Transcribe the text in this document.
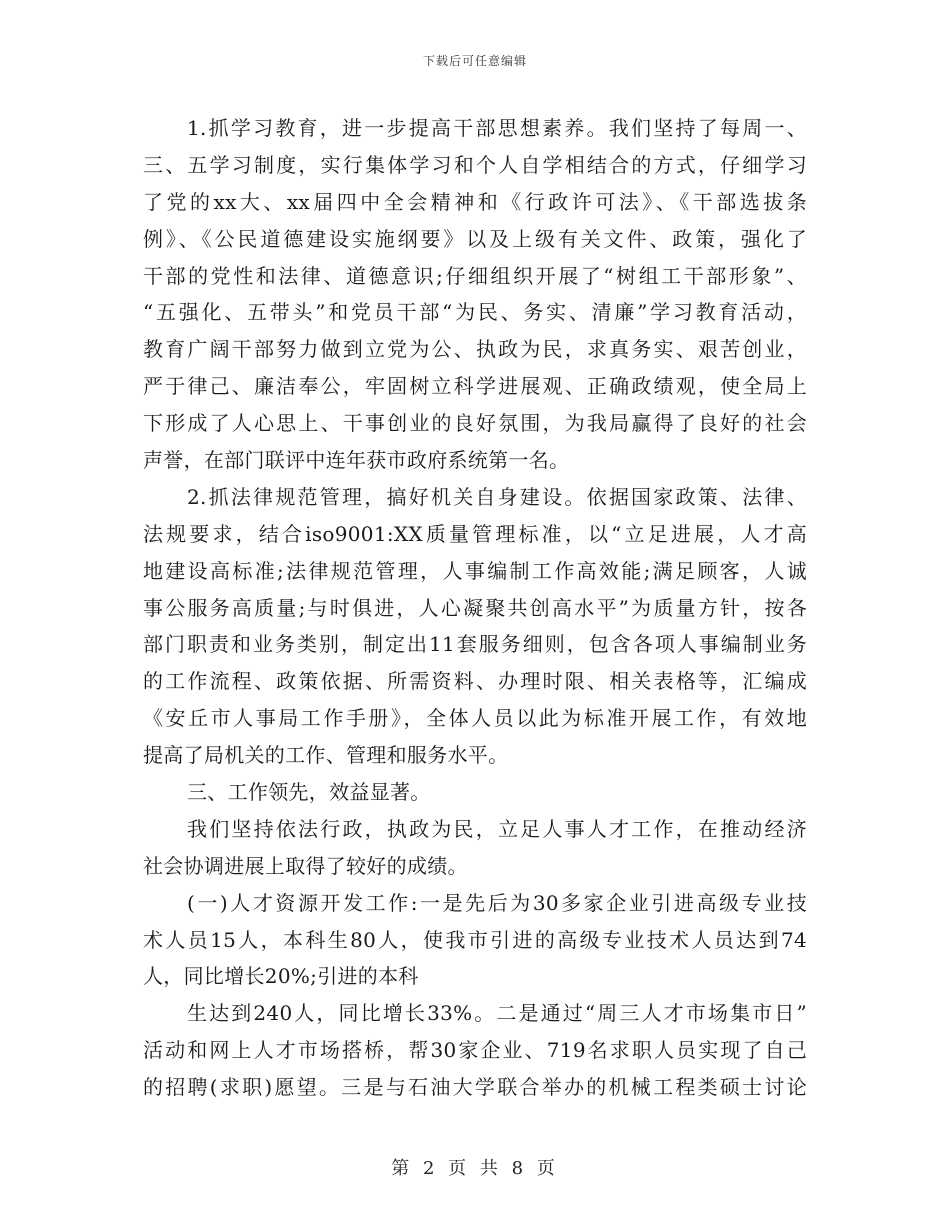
下载后可任意编辑
1.抓学习教育，进一步提高干部思想素养。我们坚持了每周一、
三、五学习制度，实行集体学习和个人自学相结合的方式，仔细学习
了党的xx大、xx届四中全会精神和《行政许可法》、《干部选拔条
例》、《公民道德建设实施纲要》以及上级有关文件、政策，强化了
干部的党性和法律、道德意识;仔细组织开展了“树组工干部形象”、
“五强化、五带头”和党员干部“为民、务实、清廉”学习教育活动，
教育广阔干部努力做到立党为公、执政为民，求真务实、艰苦创业，
严于律己、廉洁奉公，牢固树立科学进展观、正确政绩观，使全局上
下形成了人心思上、干事创业的良好氛围，为我局赢得了良好的社会
声誉，在部门联评中连年获市政府系统第一名。
2.抓法律规范管理，搞好机关自身建设。依据国家政策、法律、
法规要求，结合iso9001:XX质量管理标准，以“立足进展，人才高
地建设高标准;法律规范管理，人事编制工作高效能;满足顾客，人诚
事公服务高质量;与时俱进，人心凝聚共创高水平”为质量方针，按各
部门职责和业务类别，制定出11套服务细则，包含各项人事编制业务
的工作流程、政策依据、所需资料、办理时限、相关表格等，汇编成
《安丘市人事局工作手册》，全体人员以此为标准开展工作，有效地
提高了局机关的工作、管理和服务水平。
三、工作领先，效益显著。
我们坚持依法行政，执政为民，立足人事人才工作，在推动经济
社会协调进展上取得了较好的成绩。
(一)人才资源开发工作:一是先后为30多家企业引进高级专业技
术人员15人，本科生80人，使我市引进的高级专业技术人员达到74
人，同比增长20%;引进的本科
生达到240人，同比增长33%。二是通过“周三人才市场集市日”
活动和网上人才市场搭桥，帮30家企业、719名求职人员实现了自己
的招聘(求职)愿望。三是与石油大学联合举办的机械工程类硕士讨论
第 2 页 共 8 页
